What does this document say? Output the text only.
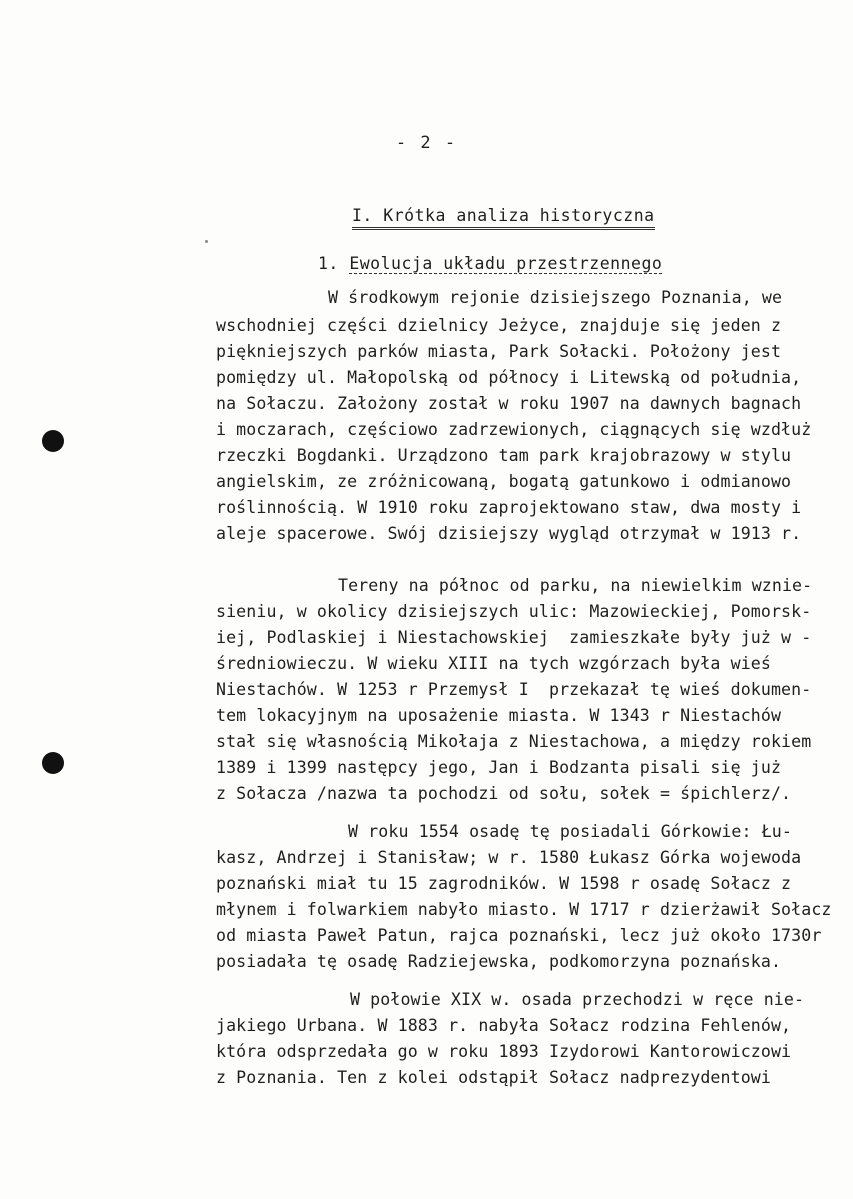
- 2 -
I. Krótka analiza historyczna
1. Ewolucja układu przestrzennego
W środkowym rejonie dzisiejszego Poznania, we
wschodniej części dzielnicy Jeżyce, znajduje się jeden z
piękniejszych parków miasta, Park Sołacki. Położony jest
pomiędzy ul. Małopolską od północy i Litewską od południa,
na Sołaczu. Założony został w roku 1907 na dawnych bagnach
i moczarach, częściowo zadrzewionych, ciągnących się wzdłuż
rzeczki Bogdanki. Urządzono tam park krajobrazowy w stylu
angielskim, ze zróżnicowaną, bogatą gatunkowo i odmianowo
roślinnością. W 1910 roku zaprojektowano staw, dwa mosty i
aleje spacerowe. Swój dzisiejszy wygląd otrzymał w 1913 r.
Tereny na północ od parku, na niewielkim wznie-
sieniu, w okolicy dzisiejszych ulic: Mazowieckiej, Pomorsk-
iej, Podlaskiej i Niestachowskiej  zamieszkałe były już w -
średniowieczu. W wieku XIII na tych wzgórzach była wieś
Niestachów. W 1253 r Przemysł I  przekazał tę wieś dokumen-
tem lokacyjnym na uposażenie miasta. W 1343 r Niestachów
stał się własnością Mikołaja z Niestachowa, a między rokiem
1389 i 1399 następcy jego, Jan i Bodzanta pisali się już
z Sołacza /nazwa ta pochodzi od sołu, sołek = śpichlerz/.
W roku 1554 osadę tę posiadali Górkowie: Łu-
kasz, Andrzej i Stanisław; w r. 1580 Łukasz Górka wojewoda
poznański miał tu 15 zagrodników. W 1598 r osadę Sołacz z
młynem i folwarkiem nabyło miasto. W 1717 r dzierżawił Sołacz
od miasta Paweł Patun, rajca poznański, lecz już około 1730r
posiadała tę osadę Radziejewska, podkomorzyna poznańska.
W połowie XIX w. osada przechodzi w ręce nie-
jakiego Urbana. W 1883 r. nabyła Sołacz rodzina Fehlenów,
która odsprzedała go w roku 1893 Izydorowi Kantorowiczowi
z Poznania. Ten z kolei odstąpił Sołacz nadprezydentowi
